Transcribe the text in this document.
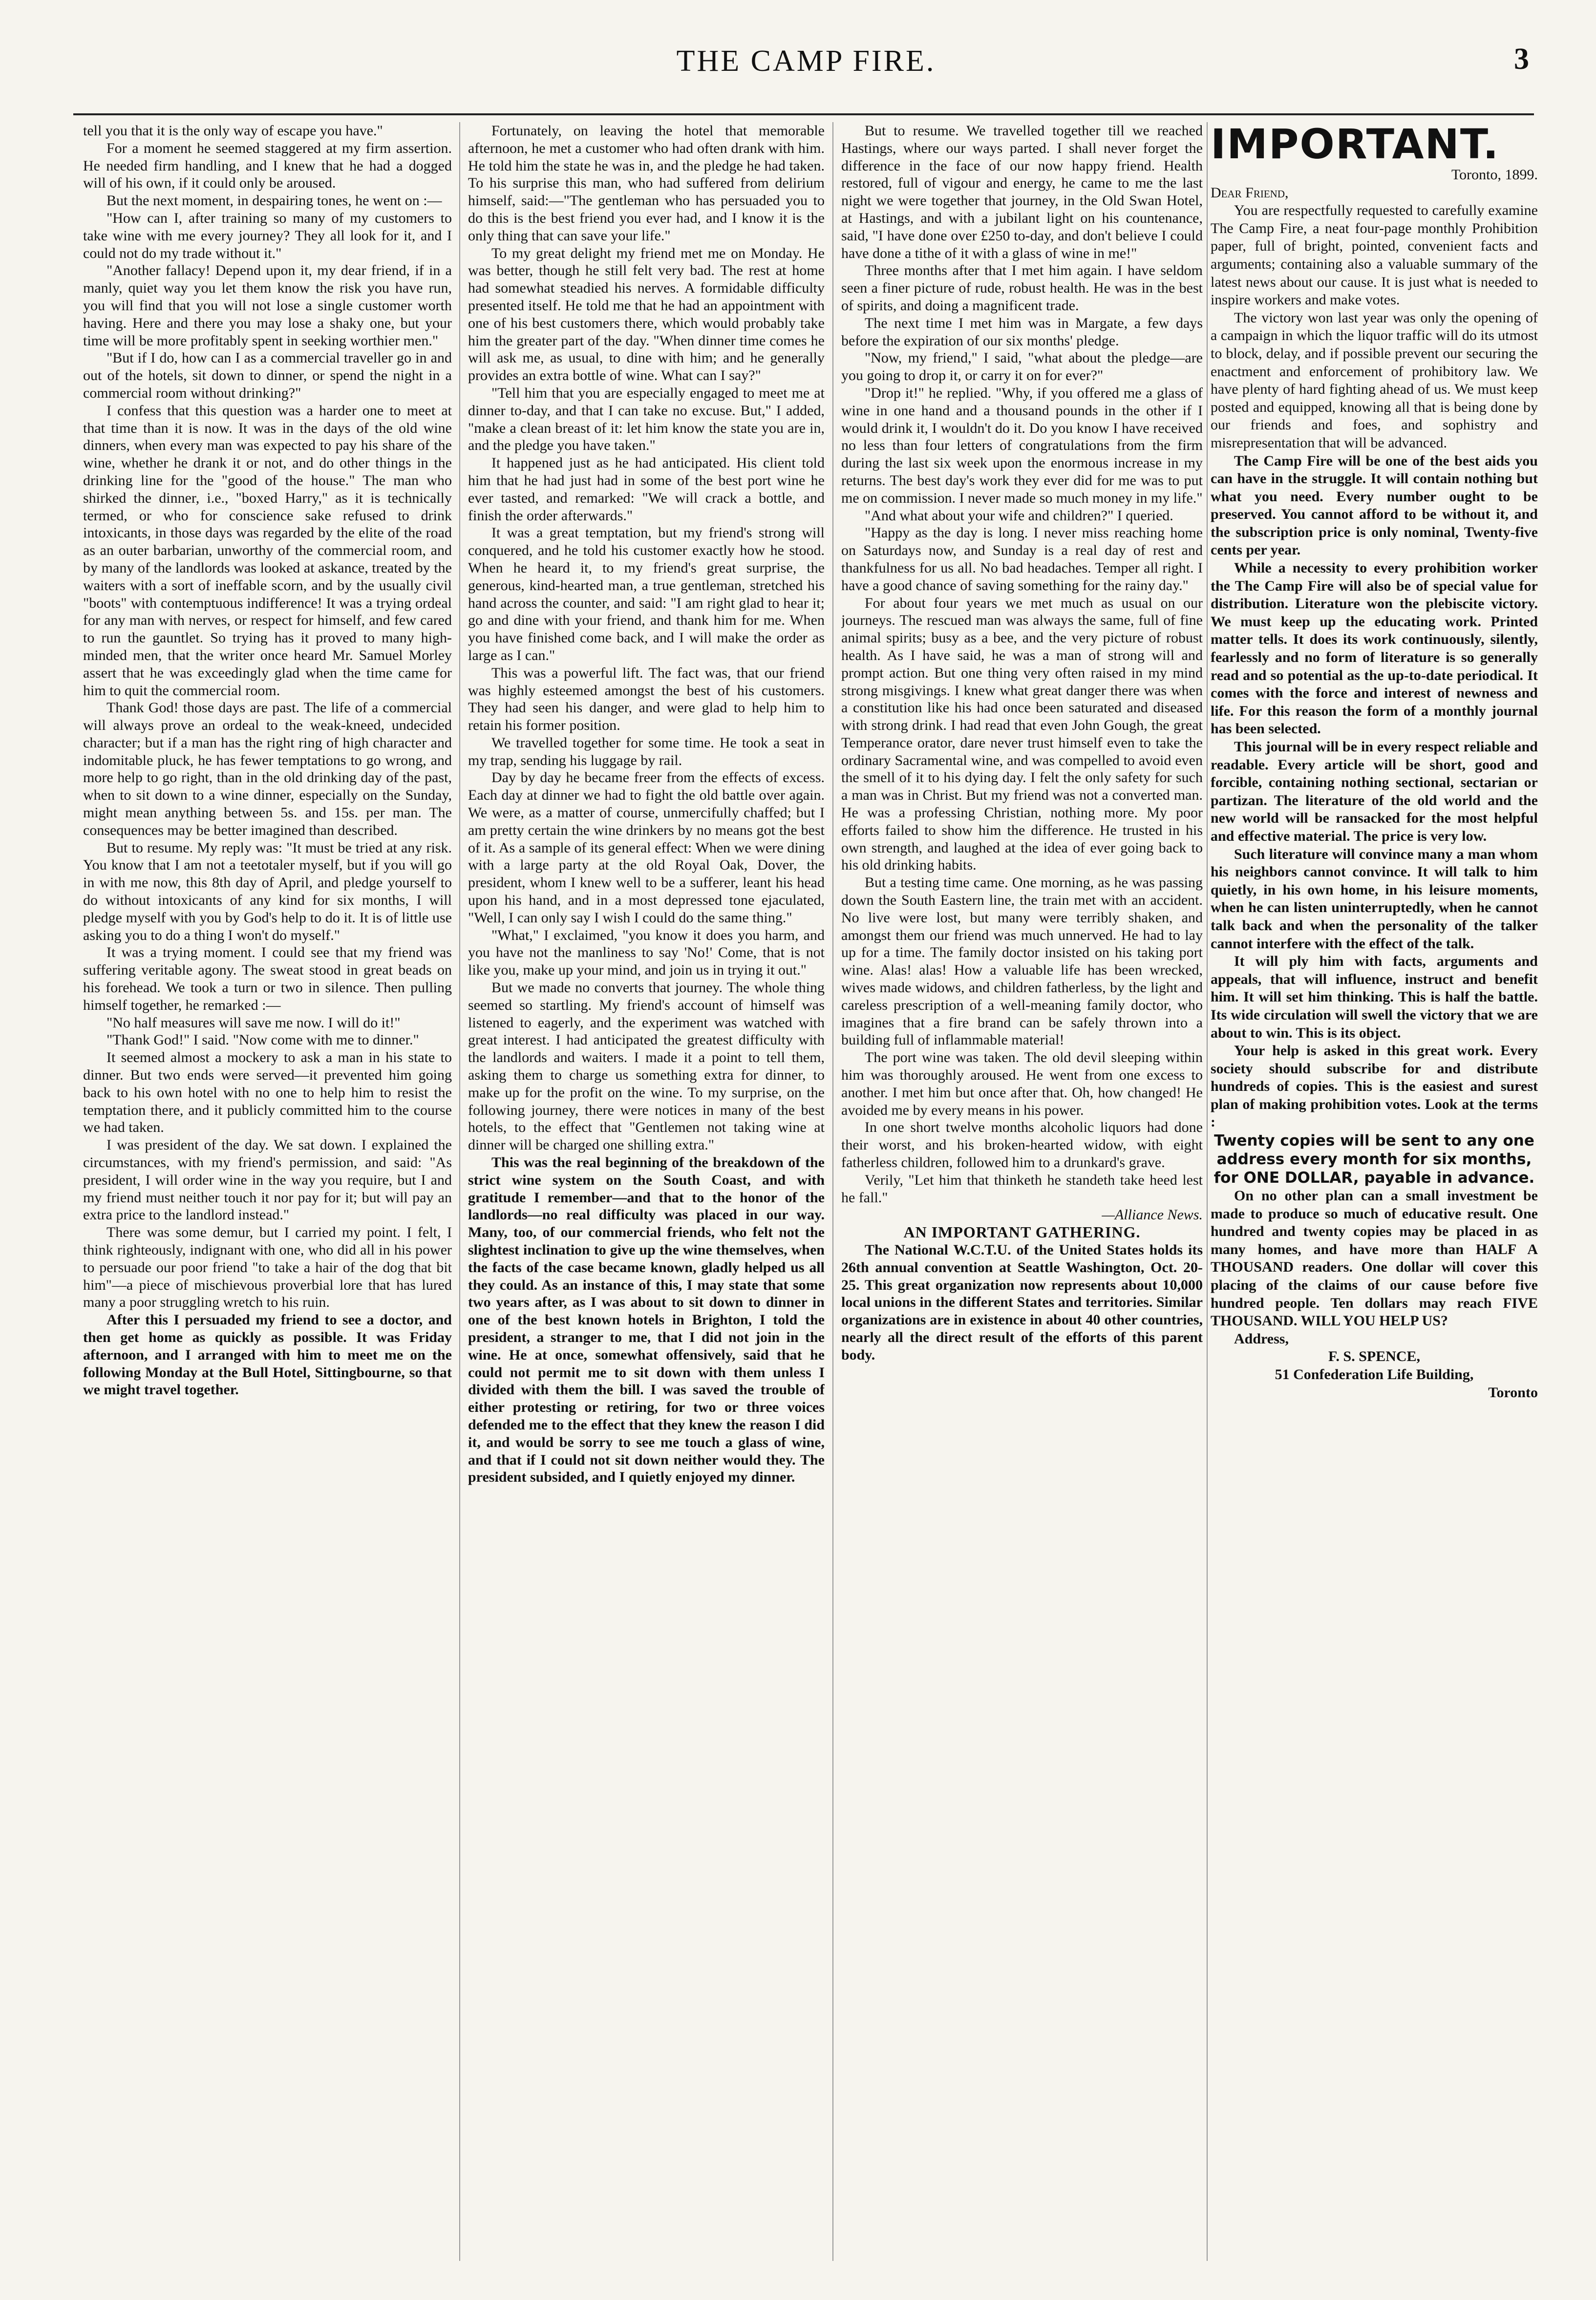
THE CAMP FIRE.	3

tell you that it is the only way of escape you have."

For a moment he seemed staggered at my firm assertion. He needed firm handling, and I knew that he had a dogged will of his own, if it could only be aroused.

But the next moment, in despairing tones, he went on :—

"How can I, after training so many of my customers to take wine with me every journey? They all look for it, and I could not do my trade without it."

"Another fallacy! Depend upon it, my dear friend, if in a manly, quiet way you let them know the risk you have run, you will find that you will not lose a single customer worth having. Here and there you may lose a shaky one, but your time will be more profitably spent in seeking worthier men."

"But if I do, how can I as a commercial traveller go in and out of the hotels, sit down to dinner, or spend the night in a commercial room without drinking?"

I confess that this question was a harder one to meet at that time than it is now. It was in the days of the old wine dinners, when every man was expected to pay his share of the wine, whether he drank it or not, and do other things in the drinking line for the "good of the house." The man who shirked the dinner, i.e., "boxed Harry," as it is technically termed, or who for conscience sake refused to drink intoxicants, in those days was regarded by the elite of the road as an outer barbarian, unworthy of the commercial room, and by many of the landlords was looked at askance, treated by the waiters with a sort of ineffable scorn, and by the usually civil "boots" with contemptuous indifference! It was a trying ordeal for any man with nerves, or respect for himself, and few cared to run the gauntlet. So trying has it proved to many high-minded men, that the writer once heard Mr. Samuel Morley assert that he was exceedingly glad when the time came for him to quit the commercial room.

Thank God! those days are past. The life of a commercial will always prove an ordeal to the weak-kneed, undecided character; but if a man has the right ring of high character and indomitable pluck, he has fewer temptations to go wrong, and more help to go right, than in the old drinking day of the past, when to sit down to a wine dinner, especially on the Sunday, might mean anything between 5s. and 15s. per man. The consequences may be better imagined than described.

But to resume. My reply was: "It must be tried at any risk. You know that I am not a teetotaler myself, but if you will go in with me now, this 8th day of April, and pledge yourself to do without intoxicants of any kind for six months, I will pledge myself with you by God's help to do it. It is of little use asking you to do a thing I won't do myself."

It was a trying moment. I could see that my friend was suffering veritable agony. The sweat stood in great beads on his forehead. We took a turn or two in silence. Then pulling himself together, he remarked :—

"No half measures will save me now. I will do it!"

"Thank God!" I said. "Now come with me to dinner."

It seemed almost a mockery to ask a man in his state to dinner. But two ends were served—it prevented him going back to his own hotel with no one to help him to resist the temptation there, and it publicly committed him to the course we had taken.

I was president of the day. We sat down. I explained the circumstances, with my friend's permission, and said: "As president, I will order wine in the way you require, but I and my friend must neither touch it nor pay for it; but will pay an extra price to the landlord instead."

There was some demur, but I carried my point. I felt, I think righteously, indignant with one, who did all in his power to persuade our poor friend "to take a hair of the dog that bit him"—a piece of mischievous proverbial lore that has lured many a poor struggling wretch to his ruin.

After this I persuaded my friend to see a doctor, and then get home as quickly as possible. It was Friday afternoon, and I arranged with him to meet me on the following Monday at the Bull Hotel, Sittingbourne, so that we might travel together.

Fortunately, on leaving the hotel that memorable afternoon, he met a customer who had often drank with him. He told him the state he was in, and the pledge he had taken. To his surprise this man, who had suffered from delirium himself, said:—"The gentleman who has persuaded you to do this is the best friend you ever had, and I know it is the only thing that can save your life."

To my great delight my friend met me on Monday. He was better, though he still felt very bad. The rest at home had somewhat steadied his nerves. A formidable difficulty presented itself. He told me that he had an appointment with one of his best customers there, which would probably take him the greater part of the day. "When dinner time comes he will ask me, as usual, to dine with him; and he generally provides an extra bottle of wine. What can I say?"

"Tell him that you are especially engaged to meet me at dinner to-day, and that I can take no excuse. But," I added, "make a clean breast of it: let him know the state you are in, and the pledge you have taken."

It happened just as he had anticipated. His client told him that he had just had in some of the best port wine he ever tasted, and remarked: "We will crack a bottle, and finish the order afterwards."

It was a great temptation, but my friend's strong will conquered, and he told his customer exactly how he stood. When he heard it, to my friend's great surprise, the generous, kind-hearted man, a true gentleman, stretched his hand across the counter, and said: "I am right glad to hear it; go and dine with your friend, and thank him for me. When you have finished come back, and I will make the order as large as I can."

This was a powerful lift. The fact was, that our friend was highly esteemed amongst the best of his customers. They had seen his danger, and were glad to help him to retain his former position.

We travelled together for some time. He took a seat in my trap, sending his luggage by rail.

Day by day he became freer from the effects of excess. Each day at dinner we had to fight the old battle over again. We were, as a matter of course, unmercifully chaffed; but I am pretty certain the wine drinkers by no means got the best of it. As a sample of its general effect: When we were dining with a large party at the old Royal Oak, Dover, the president, whom I knew well to be a sufferer, leant his head upon his hand, and in a most depressed tone ejaculated, "Well, I can only say I wish I could do the same thing."

"What," I exclaimed, "you know it does you harm, and you have not the manliness to say 'No!' Come, that is not like you, make up your mind, and join us in trying it out."

But we made no converts that journey. The whole thing seemed so startling. My friend's account of himself was listened to eagerly, and the experiment was watched with great interest. I had anticipated the greatest difficulty with the landlords and waiters. I made it a point to tell them, asking them to charge us something extra for dinner, to make up for the profit on the wine. To my surprise, on the following journey, there were notices in many of the best hotels, to the effect that "Gentlemen not taking wine at dinner will be charged one shilling extra."

This was the real beginning of the breakdown of the strict wine system on the South Coast, and with gratitude I remember—and that to the honor of the landlords—no real difficulty was placed in our way. Many, too, of our commercial friends, who felt not the slightest inclination to give up the wine themselves, when the facts of the case became known, gladly helped us all they could. As an instance of this, I may state that some two years after, as I was about to sit down to dinner in one of the best known hotels in Brighton, I told the president, a stranger to me, that I did not join in the wine. He at once, somewhat offensively, said that he could not permit me to sit down with them unless I divided with them the bill. I was saved the trouble of either protesting or retiring, for two or three voices defended me to the effect that they knew the reason I did it, and would be sorry to see me touch a glass of wine, and that if I could not sit down neither would they. The president subsided, and I quietly enjoyed my dinner.

But to resume. We travelled together till we reached Hastings, where our ways parted. I shall never forget the difference in the face of our now happy friend. Health restored, full of vigour and energy, he came to me the last night we were together that journey, in the Old Swan Hotel, at Hastings, and with a jubilant light on his countenance, said, "I have done over £250 to-day, and don't believe I could have done a tithe of it with a glass of wine in me!"

Three months after that I met him again. I have seldom seen a finer picture of rude, robust health. He was in the best of spirits, and doing a magnificent trade.

The next time I met him was in Margate, a few days before the expiration of our six months' pledge.

"Now, my friend," I said, "what about the pledge—are you going to drop it, or carry it on for ever?"

"Drop it!" he replied. "Why, if you offered me a glass of wine in one hand and a thousand pounds in the other if I would drink it, I wouldn't do it. Do you know I have received no less than four letters of congratulations from the firm during the last six week upon the enormous increase in my returns. The best day's work they ever did for me was to put me on commission. I never made so much money in my life."

"And what about your wife and children?" I queried.

"Happy as the day is long. I never miss reaching home on Saturdays now, and Sunday is a real day of rest and thankfulness for us all. No bad headaches. Temper all right. I have a good chance of saving something for the rainy day."

For about four years we met much as usual on our journeys. The rescued man was always the same, full of fine animal spirits; busy as a bee, and the very picture of robust health. As I have said, he was a man of strong will and prompt action. But one thing very often raised in my mind strong misgivings. I knew what great danger there was when a constitution like his had once been saturated and diseased with strong drink. I had read that even John Gough, the great Temperance orator, dare never trust himself even to take the ordinary Sacramental wine, and was compelled to avoid even the smell of it to his dying day. I felt the only safety for such a man was in Christ. But my friend was not a converted man. He was a professing Christian, nothing more. My poor efforts failed to show him the difference. He trusted in his own strength, and laughed at the idea of ever going back to his old drinking habits.

But a testing time came. One morning, as he was passing down the South Eastern line, the train met with an accident. No live were lost, but many were terribly shaken, and amongst them our friend was much unnerved. He had to lay up for a time. The family doctor insisted on his taking port wine. Alas! alas! How a valuable life has been wrecked, wives made widows, and children fatherless, by the light and careless prescription of a well-meaning family doctor, who imagines that a fire brand can be safely thrown into a building full of inflammable material!

The port wine was taken. The old devil sleeping within him was thoroughly aroused. He went from one excess to another. I met him but once after that. Oh, how changed! He avoided me by every means in his power.

In one short twelve months alcoholic liquors had done their worst, and his broken-hearted widow, with eight fatherless children, followed him to a drunkard's grave.

Verily, "Let him that thinketh he standeth take heed lest he fall."

—Alliance News.

AN IMPORTANT GATHERING.

The National W.C.T.U. of the United States holds its 26th annual convention at Seattle Washington, Oct. 20-25. This great organization now represents about 10,000 local unions in the different States and territories. Similar organizations are in existence in about 40 other countries, nearly all the direct result of the efforts of this parent body.

IMPORTANT.

Toronto, 1899.

Dear Friend,

You are respectfully requested to carefully examine The Camp Fire, a neat four-page monthly Prohibition paper, full of bright, pointed, convenient facts and arguments; containing also a valuable summary of the latest news about our cause. It is just what is needed to inspire workers and make votes.

The victory won last year was only the opening of a campaign in which the liquor traffic will do its utmost to block, delay, and if possible prevent our securing the enactment and enforcement of prohibitory law. We have plenty of hard fighting ahead of us. We must keep posted and equipped, knowing all that is being done by our friends and foes, and sophistry and misrepresentation that will be advanced.

The Camp Fire will be one of the best aids you can have in the struggle. It will contain nothing but what you need. Every number ought to be preserved. You cannot afford to be without it, and the subscription price is only nominal, Twenty-five cents per year.

While a necessity to every prohibition worker the The Camp Fire will also be of special value for distribution. Literature won the plebiscite victory. We must keep up the educating work. Printed matter tells. It does its work continuously, silently, fearlessly and no form of literature is so generally read and so potential as the up-to-date periodical. It comes with the force and interest of newness and life. For this reason the form of a monthly journal has been selected.

This journal will be in every respect reliable and readable. Every article will be short, good and forcible, containing nothing sectional, sectarian or partizan. The literature of the old world and the new world will be ransacked for the most helpful and effective material. The price is very low.

Such literature will convince many a man whom his neighbors cannot convince. It will talk to him quietly, in his own home, in his leisure moments, when he can listen uninterruptedly, when he cannot talk back and when the personality of the talker cannot interfere with the effect of the talk.

It will ply him with facts, arguments and appeals, that will influence, instruct and benefit him. It will set him thinking. This is half the battle. Its wide circulation will swell the victory that we are about to win. This is its object.

Your help is asked in this great work. Every society should subscribe for and distribute hundreds of copies. This is the easiest and surest plan of making prohibition votes. Look at the terms :

Twenty copies will be sent to any one address every month for six months, for ONE DOLLAR, payable in advance.

On no other plan can a small investment be made to produce so much of educative result. One hundred and twenty copies may be placed in as many homes, and have more than HALF A THOUSAND readers. One dollar will cover this placing of the claims of our cause before five hundred people. Ten dollars may reach FIVE THOUSAND. WILL YOU HELP US?

Address,

F. S. SPENCE,

51 Confederation Life Building,

Toronto
